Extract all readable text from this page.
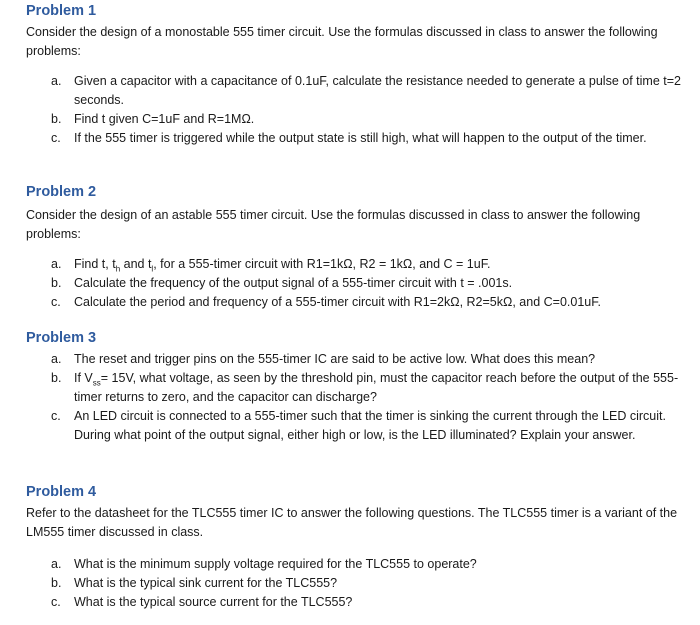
Problem 1

Consider the design of a monostable 555 timer circuit. Use the formulas discussed in class to answer the following problems:

a. Given a capacitor with a capacitance of 0.1uF, calculate the resistance needed to generate a pulse of time t=2 seconds.
b. Find t given C=1uF and R=1MΩ.
c. If the 555 timer is triggered while the output state is still high, what will happen to the output of the timer.
Problem 2

Consider the design of an astable 555 timer circuit. Use the formulas discussed in class to answer the following problems:

a. Find t, $t_h$ and $t_l$, for a 555-timer circuit with R1=1kΩ, R2 = 1kΩ, and C = 1uF.
b. Calculate the frequency of the output signal of a 555-timer circuit with t = .001s.
c. Calculate the period and frequency of a 555-timer circuit with R1=2kΩ, R2=5kΩ, and C=0.01uF.
Problem 3
a. The reset and trigger pins on the 555-timer IC are said to be active low. What does this mean?
b. If $V_{ss}= 15V$, what voltage, as seen by the threshold pin, must the capacitor reach before the output of the 555-timer returns to zero, and the capacitor can discharge?
c. An LED circuit is connected to a 555-timer such that the timer is sinking the current through the LED circuit. During what point of the output signal, either high or low, is the LED illuminated? Explain your answer.
Problem 4

Refer to the datasheet for the TLC555 timer IC to answer the following questions. The TLC555 timer is a variant of the LM555 timer discussed in class.

a. What is the minimum supply voltage required for the TLC555 to operate?
b. What is the typical sink current for the TLC555?
c. What is the typical source current for the TLC555?
